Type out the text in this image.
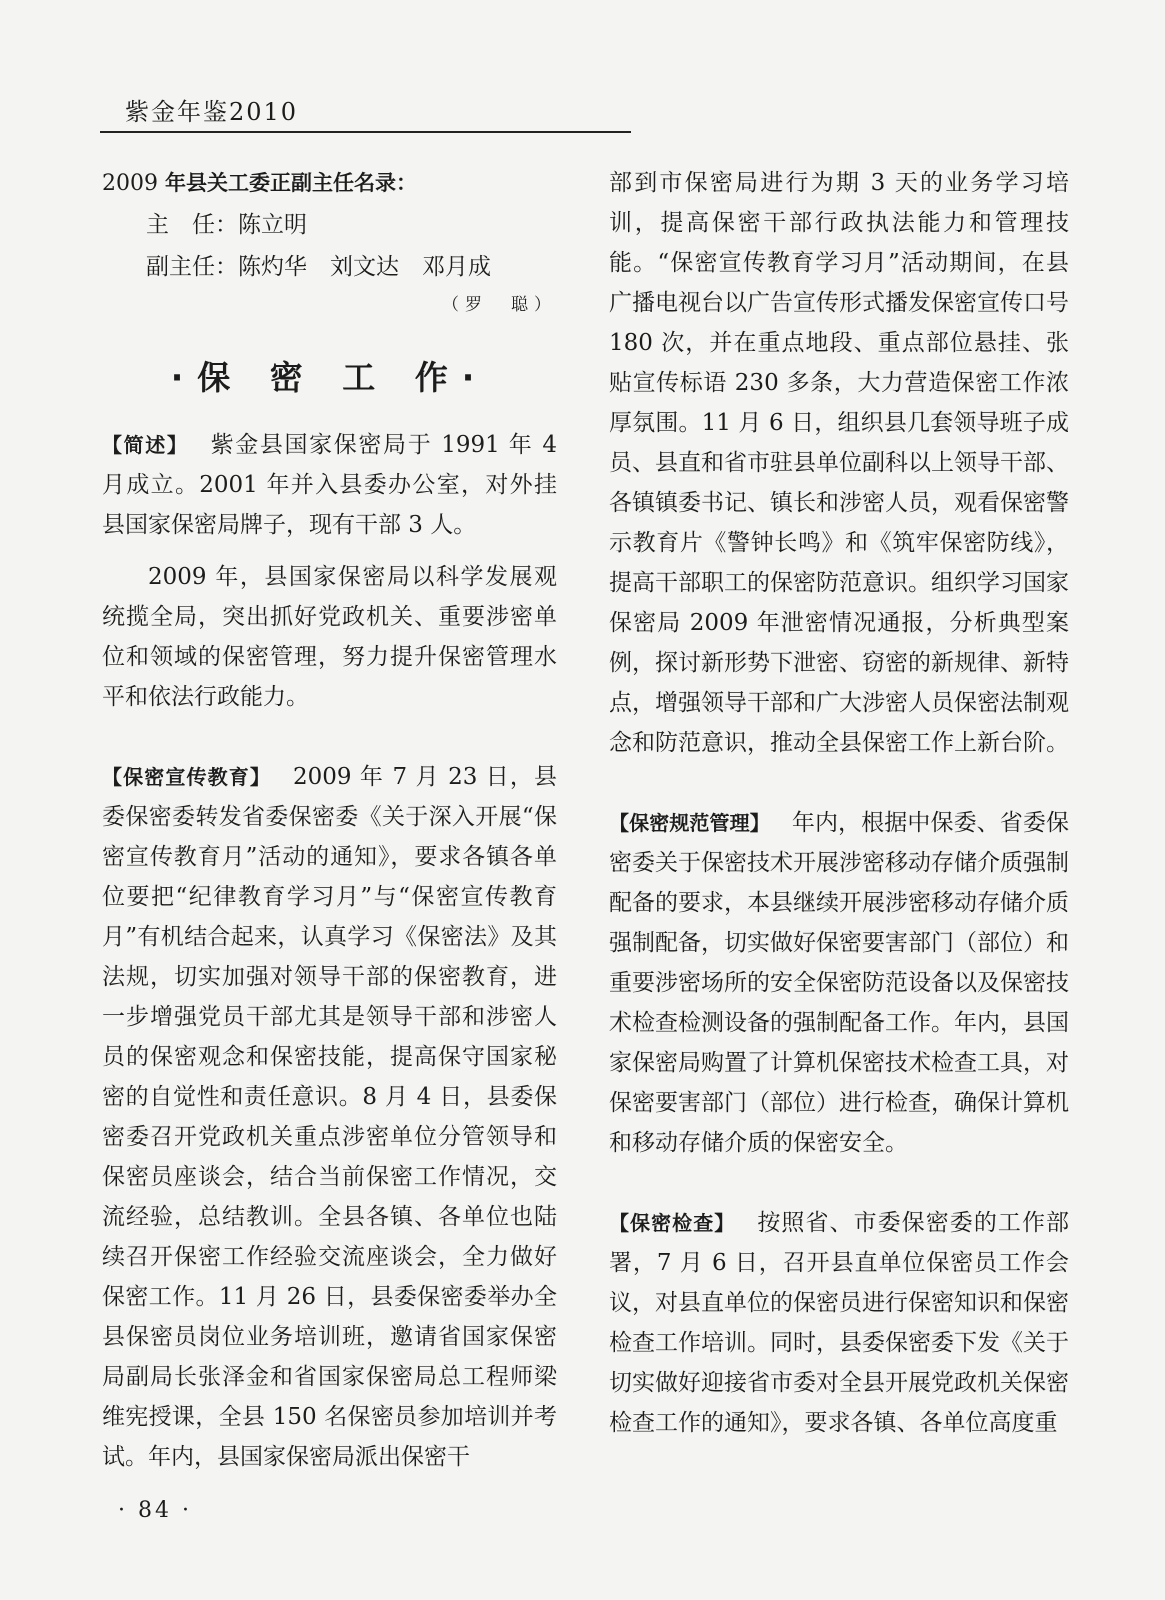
紫金年鉴2010

2009 年县关工委正副主任名录：

主　任：陈立明

副主任：陈灼华　刘文达　邓月成

（罗　聪）

·保 密 工 作·

【简述】 紫金县国家保密局于 1991 年 4 月成立。2001 年并入县委办公室，对外挂县国家保密局牌子，现有干部 3 人。

2009 年，县国家保密局以科学发展观统揽全局，突出抓好党政机关、重要涉密单位和领域的保密管理，努力提升保密管理水平和依法行政能力。

【保密宣传教育】 2009 年 7 月 23 日，县委保密委转发省委保密委《关于深入开展“保密宣传教育月”活动的通知》，要求各镇各单位要把“纪律教育学习月”与“保密宣传教育月”有机结合起来，认真学习《保密法》及其法规，切实加强对领导干部的保密教育，进一步增强党员干部尤其是领导干部和涉密人员的保密观念和保密技能，提高保守国家秘密的自觉性和责任意识。8 月 4 日，县委保密委召开党政机关重点涉密单位分管领导和保密员座谈会，结合当前保密工作情况，交流经验，总结教训。全县各镇、各单位也陆续召开保密工作经验交流座谈会，全力做好保密工作。11 月 26 日，县委保密委举办全县保密员岗位业务培训班，邀请省国家保密局副局长张泽金和省国家保密局总工程师梁维宪授课，全县 150 名保密员参加培训并考试。年内，县国家保密局派出保密干

部到市保密局进行为期 3 天的业务学习培训，提高保密干部行政执法能力和管理技能。“保密宣传教育学习月”活动期间，在县广播电视台以广告宣传形式播发保密宣传口号 180 次，并在重点地段、重点部位悬挂、张贴宣传标语 230 多条，大力营造保密工作浓厚氛围。11 月 6 日，组织县几套领导班子成员、县直和省市驻县单位副科以上领导干部、各镇镇委书记、镇长和涉密人员，观看保密警示教育片《警钟长鸣》和《筑牢保密防线》，提高干部职工的保密防范意识。组织学习国家保密局 2009 年泄密情况通报，分析典型案例，探讨新形势下泄密、窃密的新规律、新特点，增强领导干部和广大涉密人员保密法制观念和防范意识，推动全县保密工作上新台阶。

【保密规范管理】 年内，根据中保委、省委保密委关于保密技术开展涉密移动存储介质强制配备的要求，本县继续开展涉密移动存储介质强制配备，切实做好保密要害部门（部位）和重要涉密场所的安全保密防范设备以及保密技术检查检测设备的强制配备工作。年内，县国家保密局购置了计算机保密技术检查工具，对保密要害部门（部位）进行检查，确保计算机和移动存储介质的保密安全。

【保密检查】 按照省、市委保密委的工作部署，7 月 6 日，召开县直单位保密员工作会议，对县直单位的保密员进行保密知识和保密检查工作培训。同时，县委保密委下发《关于切实做好迎接省市委对全县开展党政机关保密检查工作的通知》，要求各镇、各单位高度重

· 84 ·
